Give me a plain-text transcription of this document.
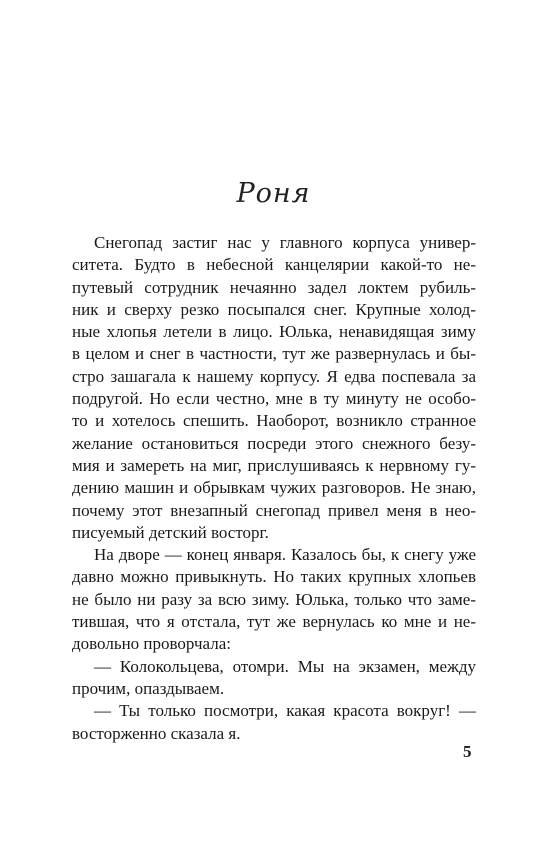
Роня
Снегопад застиг нас у главного корпуса универ-
ситета. Будто в небесной канцелярии какой-то не-
путевый сотрудник нечаянно задел локтем рубиль-
ник и сверху резко посыпался снег. Крупные холод-
ные хлопья летели в лицо. Юлька, ненавидящая зиму
в целом и снег в частности, тут же развернулась и бы-
стро зашагала к нашему корпусу. Я едва поспевала за
подругой. Но если честно, мне в ту минуту не особо-
то и хотелось спешить. Наоборот, возникло странное
желание остановиться посреди этого снежного безу-
мия и замереть на миг, прислушиваясь к нервному гу-
дению машин и обрывкам чужих разговоров. Не знаю,
почему этот внезапный снегопад привел меня в нео-
писуемый детский восторг.
На дворе — конец января. Казалось бы, к снегу уже
давно можно привыкнуть. Но таких крупных хлопьев
не было ни разу за всю зиму. Юлька, только что заме-
тившая, что я отстала, тут же вернулась ко мне и не-
довольно проворчала:
— Колокольцева, отомри. Мы на экзамен, между
прочим, опаздываем.
— Ты только посмотри, какая красота вокруг! —
восторженно сказала я.
5
